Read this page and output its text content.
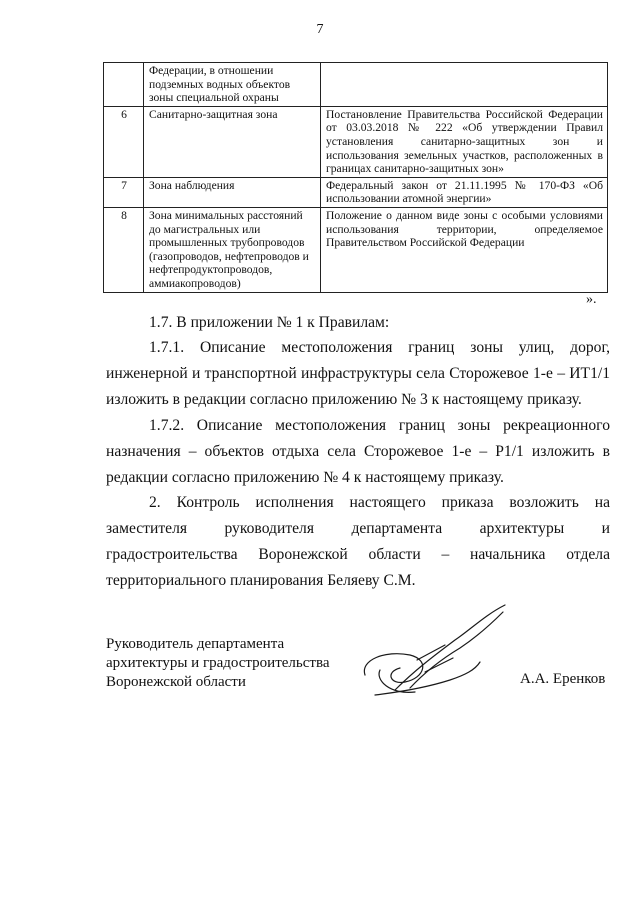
7
	Федерации, в отношении подземных водных объектов зоны специальной охраны	
6	Санитарно-защитная зона	Постановление Правительства Российской Федерации от 03.03.2018 № 222 «Об утверждении Правил установления санитарно-защитных зон и использования земельных участков, расположенных в границах санитарно-защитных зон»
7	Зона наблюдения	Федеральный закон от 21.11.1995 № 170-ФЗ «Об использовании атомной энергии»
8	Зона минимальных расстояний до магистральных или промышленных трубопроводов (газопроводов, нефтепроводов и нефтепродуктопроводов, аммиакопроводов)	Положение о данном виде зоны с особыми условиями использования территории, определяемое Правительством Российской Федерации
».

1.7. В приложении № 1 к Правилам:

1.7.1. Описание местоположения границ зоны улиц, дорог, инженерной и транспортной инфраструктуры села Сторожевое 1-е – ИТ1/1 изложить в редакции согласно приложению № 3 к настоящему приказу.

1.7.2. Описание местоположения границ зоны рекреационного назначения – объектов отдыха села Сторожевое 1-е – Р1/1 изложить в редакции согласно приложению № 4 к настоящему приказу.

2. Контроль исполнения настоящего приказа возложить на заместителя руководителя департамента архитектуры и градостроительства Воронежской области – начальника отдела территориального планирования Беляеву С.М.

Руководитель департамента
архитектуры и градостроительства
Воронежской области	А.А. Еренков
